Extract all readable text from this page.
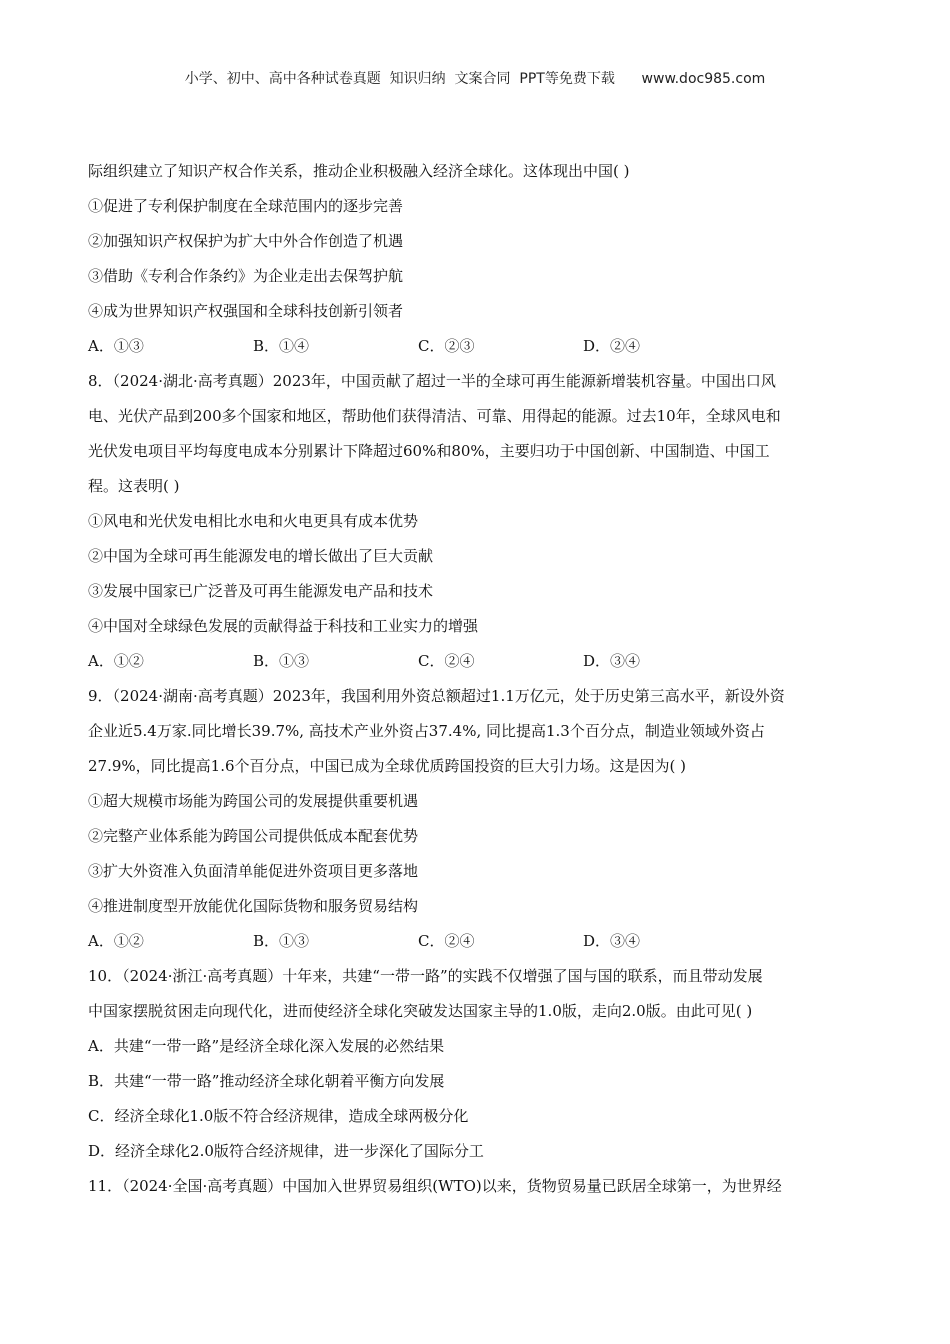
小学、初中、高中各种试卷真题  知识归纳  文案合同  PPT等免费下载      www.doc985.com
际组织建立了知识产权合作关系，推动企业积极融入经济全球化。这体现出中国( )
①促进了专利保护制度在全球范围内的逐步完善
②加强知识产权保护为扩大中外合作创造了机遇
③借助《专利合作条约》为企业走出去保驾护航
④成为世界知识产权强国和全球科技创新引领者
A．①③	B．①④	C．②③	D．②④
8．（2024·湖北·高考真题）2023年，中国贡献了超过一半的全球可再生能源新增装机容量。中国出口风
电、光伏产品到200多个国家和地区，帮助他们获得清洁、可靠、用得起的能源。过去10年，全球风电和
光伏发电项目平均每度电成本分别累计下降超过60%和80%，主要归功于中国创新、中国制造、中国工
程。这表明( )
①风电和光伏发电相比水电和火电更具有成本优势
②中国为全球可再生能源发电的增长做出了巨大贡献
③发展中国家已广泛普及可再生能源发电产品和技术
④中国对全球绿色发展的贡献得益于科技和工业实力的增强
A．①②	B．①③	C．②④	D．③④
9．（2024·湖南·高考真题）2023年，我国利用外资总额超过1.1万亿元，处于历史第三高水平，新设外资
企业近5.4万家.同比增长39.7%, 高技术产业外资占37.4%, 同比提高1.3个百分点，制造业领域外资占
27.9%，同比提高1.6个百分点，中国已成为全球优质跨国投资的巨大引力场。这是因为( )
①超大规模市场能为跨国公司的发展提供重要机遇
②完整产业体系能为跨国公司提供低成本配套优势
③扩大外资准入负面清单能促进外资项目更多落地
④推进制度型开放能优化国际货物和服务贸易结构
A．①②	B．①③	C．②④	D．③④
10．（2024·浙江·高考真题）十年来，共建“一带一路”的实践不仅增强了国与国的联系，而且带动发展
中国家摆脱贫困走向现代化，进而使经济全球化突破发达国家主导的1.0版，走向2.0版。由此可见( )
A．共建“一带一路”是经济全球化深入发展的必然结果
B．共建“一带一路”推动经济全球化朝着平衡方向发展
C．经济全球化1.0版不符合经济规律，造成全球两极分化
D．经济全球化2.0版符合经济规律，进一步深化了国际分工
11．（2024·全国·高考真题）中国加入世界贸易组织(WTO)以来，货物贸易量已跃居全球第一，为世界经
